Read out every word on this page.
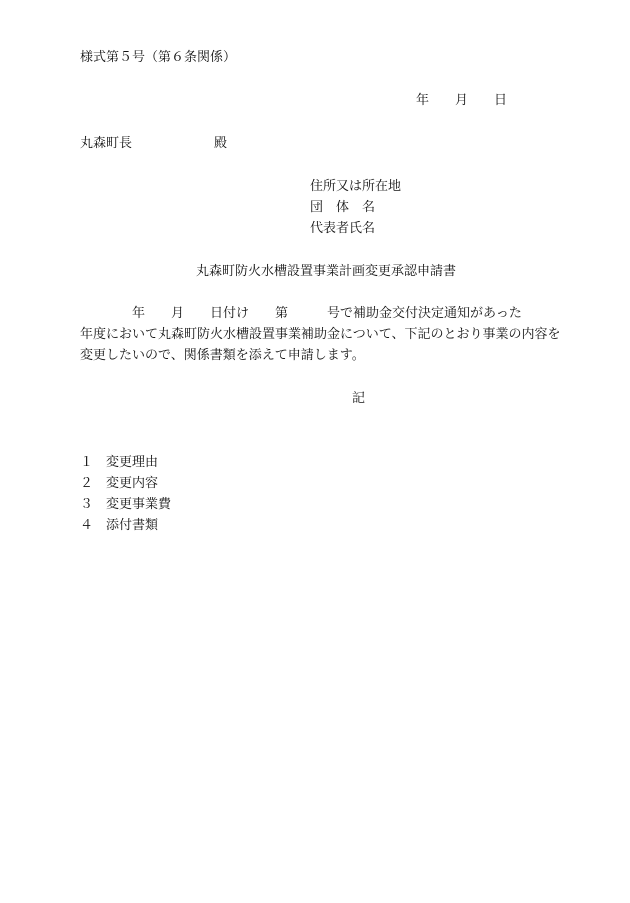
様式第５号（第６条関係）
年　　月　　日
丸森町長	殿
住所又は所在地
団　体　名
代表者氏名
丸森町防火水槽設置事業計画変更承認申請書
年　　月　　日付け　　第　　　号で補助金交付決定通知があった
年度において丸森町防火水槽設置事業補助金について、下記のとおり事業の内容を
変更したいので、関係書類を添えて申請します。
記
１ 変更理由
２ 変更内容
３ 変更事業費
４ 添付書類
